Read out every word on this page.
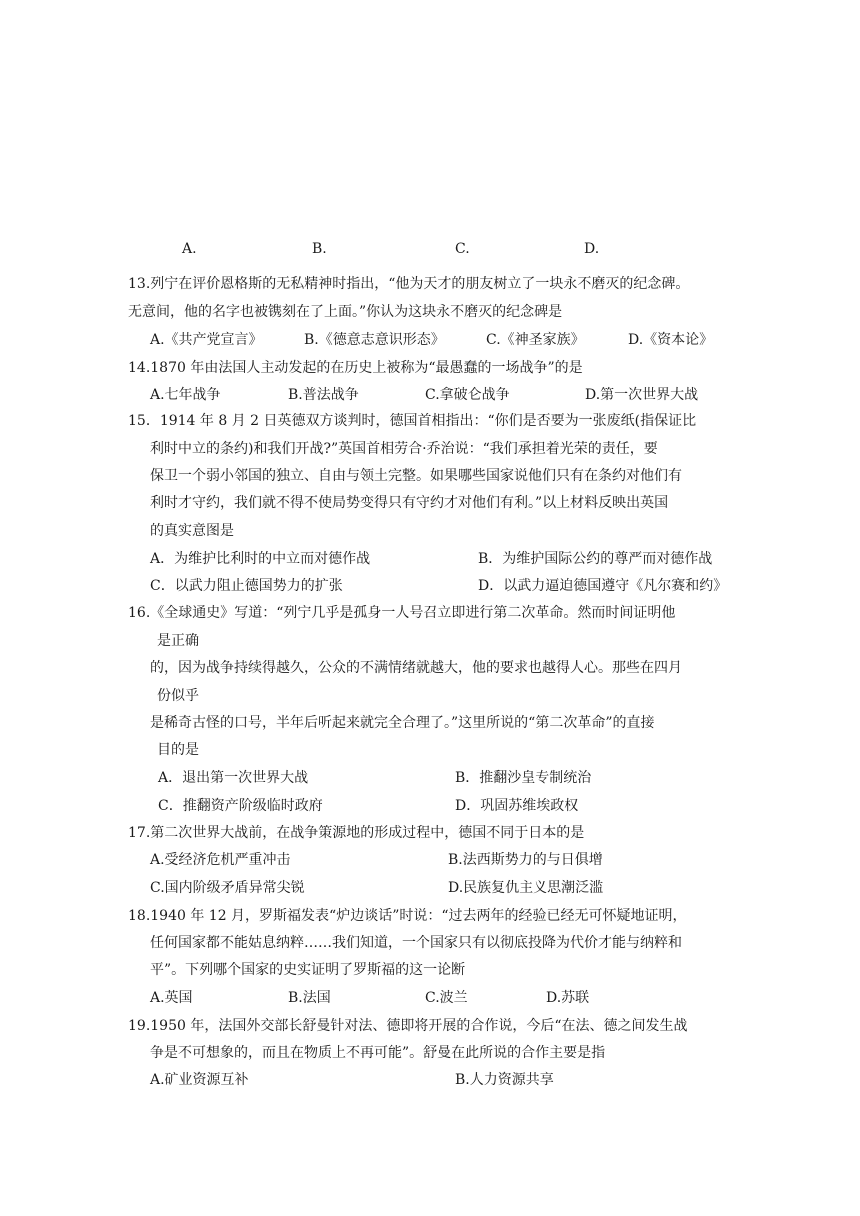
A.	B.	C.	D.
13.列宁在评价恩格斯的无私精神时指出，“他为天才的朋友树立了一块永不磨灭的纪念碑。
无意间，他的名字也被镌刻在了上面。”你认为这块永不磨灭的纪念碑是
A.《共产党宣言》	B.《德意志意识形态》	C.《神圣家族》	D.《资本论》
14.1870 年由法国人主动发起的在历史上被称为“最愚蠢的一场战争”的是
A.七年战争	B.普法战争	C.拿破仑战争	D.第一次世界大战
15．1914 年 8 月 2 日英德双方谈判时，德国首相指出：“你们是否要为一张废纸(指保证比
利时中立的条约)和我们开战?”英国首相劳合·乔治说：“我们承担着光荣的责任，要
保卫一个弱小邻国的独立、自由与领土完整。如果哪些国家说他们只有在条约对他们有
利时才守约，我们就不得不使局势变得只有守约才对他们有利。”以上材料反映出英国
的真实意图是
A．为维护比利时的中立而对德作战	B．为维护国际公约的尊严而对德作战
C．以武力阻止德国势力的扩张	D．以武力逼迫德国遵守《凡尔赛和约》
16.《全球通史》写道：“列宁几乎是孤身一人号召立即进行第二次革命。然而时间证明他
是正确
的，因为战争持续得越久，公众的不满情绪就越大，他的要求也越得人心。那些在四月
份似乎
是稀奇古怪的口号，半年后听起来就完全合理了。”这里所说的“第二次革命”的直接
目的是
A．退出第一次世界大战	B．推翻沙皇专制统治
C．推翻资产阶级临时政府	D．巩固苏维埃政权
17.第二次世界大战前，在战争策源地的形成过程中，德国不同于日本的是
A.受经济危机严重冲击	B.法西斯势力的与日俱增
C.国内阶级矛盾异常尖锐	D.民族复仇主义思潮泛滥
18.1940 年 12 月，罗斯福发表“炉边谈话”时说：“过去两年的经验已经无可怀疑地证明，
任何国家都不能姑息纳粹……我们知道，一个国家只有以彻底投降为代价才能与纳粹和
平”。下列哪个国家的史实证明了罗斯福的这一论断
A.英国	B.法国	C.波兰	D.苏联
19.1950 年，法国外交部长舒曼针对法、德即将开展的合作说，今后“在法、德之间发生战
争是不可想象的，而且在物质上不再可能”。舒曼在此所说的合作主要是指
A.矿业资源互补	B.人力资源共享
